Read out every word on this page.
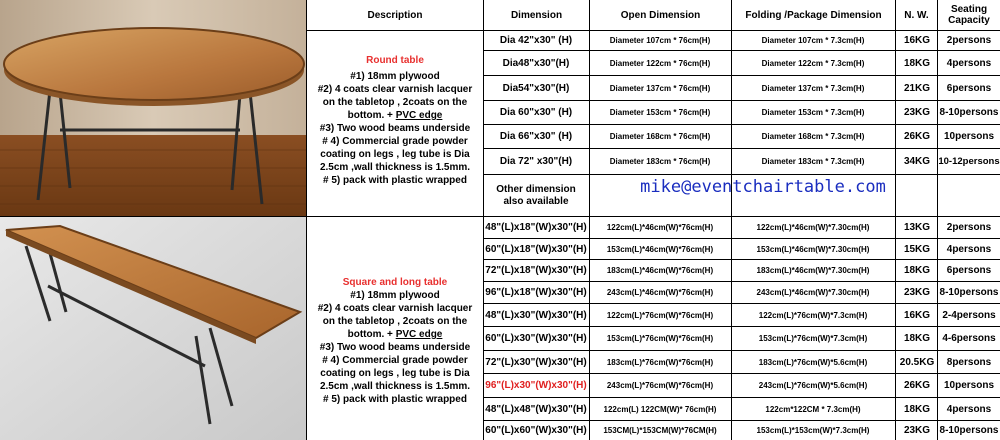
Description	Dimension	Open Dimension	Folding /Package Dimension	N. W.	Seating
Capacity
Round table
#1) 18mm plywood
#2) 4 coats clear varnish lacquer
on the tabletop , 2coats on the
bottom. + PVC edge
#3) Two wood beams underside
# 4) Commercial grade powder
coating on legs , leg tube is Dia
2.5cm ,wall thickness is 1.5mm.
# 5) pack with plastic wrapped
Dia 42"x30" (H)	Diameter 107cm * 76cm(H)	Diameter 107cm * 7.3cm(H)	16KG	2persons
Dia48"x30"(H)	Diameter 122cm * 76cm(H)	Diameter 122cm * 7.3cm(H)	18KG	4persons
Dia54"x30"(H)	Diameter 137cm * 76cm(H)	Diameter 137cm * 7.3cm(H)	21KG	6persons
Dia 60"x30" (H)	Diameter 153cm * 76cm(H)	Diameter 153cm * 7.3cm(H)	23KG 8-10persons
Dia 66"x30" (H)	Diameter 168cm * 76cm(H)	Diameter 168cm * 7.3cm(H)	26KG	10persons
Dia 72" x30"(H)	Diameter 183cm * 76cm(H)	Diameter 183cm * 7.3cm(H)	34KG 10-12persons
Other dimension
also available
mike@eventchairtable.com
Square and long table
#1) 18mm plywood
#2) 4 coats clear varnish lacquer
on the tabletop , 2coats on the
bottom. + PVC edge
#3) Two wood beams underside
# 4) Commercial grade powder
coating on legs , leg tube is Dia
2.5cm ,wall thickness is 1.5mm.
# 5) pack with plastic wrapped
48"(L)x18"(W)x30"(H)	122cm(L)*46cm(W)*76cm(H)	122cm(L)*46cm(W)*7.30cm(H)	13KG	2persons
60"(L)x18"(W)x30"(H)	153cm(L)*46cm(W)*76cm(H)	153cm(L)*46cm(W)*7.30cm(H)	15KG	4persons
72"(L)x18"(W)x30"(H)	183cm(L)*46cm(W)*76cm(H)	183cm(L)*46cm(W)*7.30cm(H)	18KG	6persons
96"(L)x18"(W)x30"(H)	243cm(L)*46cm(W)*76cm(H)	243cm(L)*46cm(W)*7.30cm(H)	23KG 8-10persons
48"(L)x30"(W)x30"(H)	122cm(L)*76cm(W)*76cm(H)	122cm(L)*76cm(W)*7.3cm(H)	16KG	2-4persons
60"(L)x30"(W)x30"(H)	153cm(L)*76cm(W)*76cm(H)	153cm(L)*76cm(W)*7.3cm(H)	18KG	4-6persons
72"(L)x30"(W)x30"(H)	183cm(L)*76cm(W)*76cm(H)	183cm(L)*76cm(W)*5.6cm(H)	20.5KG	8persons
96"(L)x30"(W)x30"(H)	243cm(L)*76cm(W)*76cm(H)	243cm(L)*76cm(W)*5.6cm(H)	26KG	10persons
48"(L)x48"(W)x30"(H)	122cm(L) 122CM(W)* 76cm(H)	122cm*122CM * 7.3cm(H)	18KG	4persons
60"(L)x60"(W)x30"(H)	153CM(L)*153CM(W)*76CM(H)	153cm(L)*153cm(W)*7.3cm(H)	23KG 8-10persons
